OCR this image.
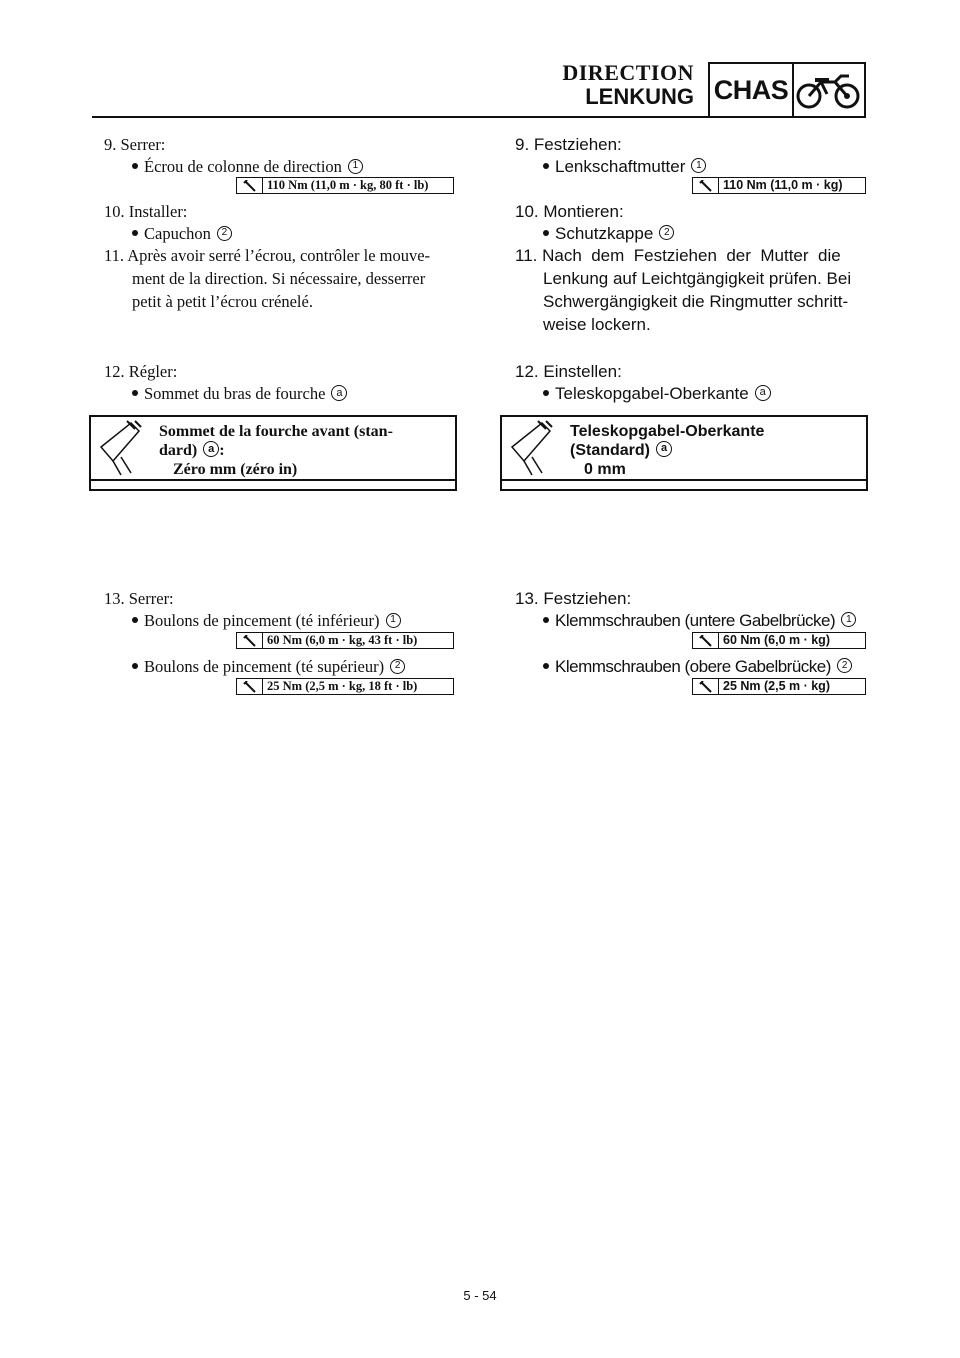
DIRECTION
LENKUNG CHAS
9. Serrer:
Écrou de colonne de direction 1
110 Nm (11,0 m · kg, 80 ft · lb)
10. Installer:
Capuchon 2
11. Après avoir serré l’écrou, contrôler le mouve-
ment de la direction. Si nécessaire, desserrer
petit à petit l’écrou crénelé.
12. Régler:
Sommet du bras de fourche a
Sommet de la fourche avant (stan-
dard) a :
Zéro mm (zéro in)
13. Serrer:
Boulons de pincement (té inférieur) 1
60 Nm (6,0 m · kg, 43 ft · lb)
Boulons de pincement (té supérieur) 2
25 Nm (2,5 m · kg, 18 ft · lb)
9. Festziehen:
Lenkschaftmutter 1
110 Nm (11,0 m · kg)
10. Montieren:
Schutzkappe 2
11. Nach  dem  Festziehen  der  Mutter  die
Lenkung auf Leichtgängigkeit prüfen. Bei
Schwergängigkeit die Ringmutter schritt-
weise lockern.
12. Einstellen:
Teleskopgabel-Oberkante a
Teleskopgabel-Oberkante
(Standard) a
0 mm
13. Festziehen:
Klemmschrauben (untere Gabelbrücke) 1
60 Nm (6,0 m · kg)
Klemmschrauben (obere Gabelbrücke) 2
25 Nm (2,5 m · kg)
5 - 54
